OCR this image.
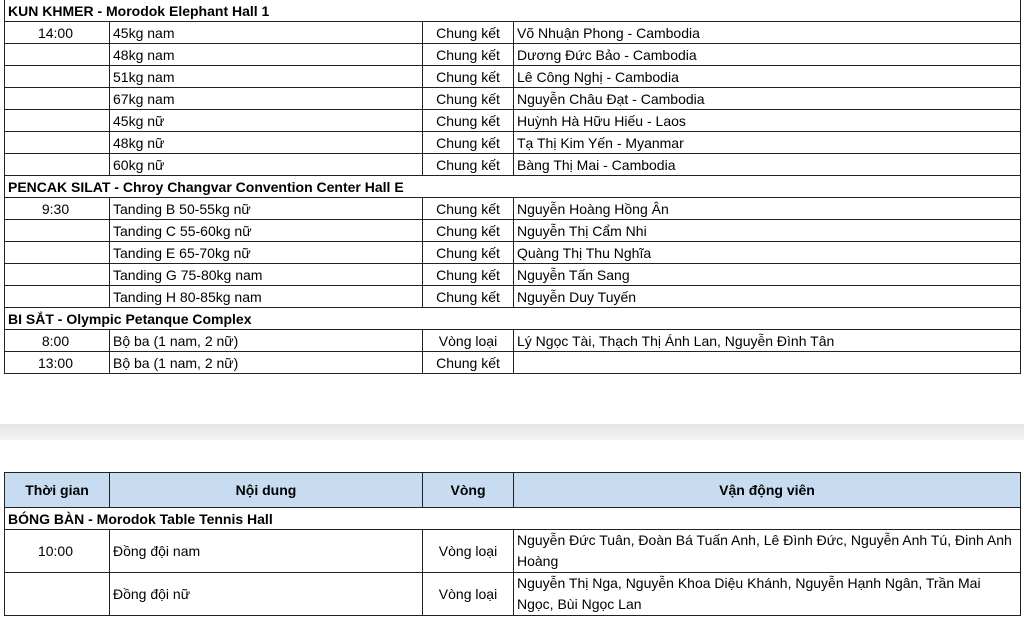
KUN KHMER - Morodok Elephant Hall 1			
14:00	45kg nam	Chung kết	Võ Nhuận Phong - Cambodia
	48kg nam	Chung kết	Dương Đức Bảo - Cambodia
	51kg nam	Chung kết	Lê Công Nghị - Cambodia
	67kg nam	Chung kết	Nguyễn Châu Đạt - Cambodia
	45kg nữ	Chung kết	Huỳnh Hà Hữu Hiếu - Laos
	48kg nữ	Chung kết	Tạ Thị Kim Yến - Myanmar
	60kg nữ	Chung kết	Bàng Thị Mai - Cambodia
PENCAK SILAT - Chroy Changvar Convention Center Hall E			
9:30	Tanding B 50-55kg nữ	Chung kết	Nguyễn Hoàng Hồng Ân
	Tanding C 55-60kg nữ	Chung kết	Nguyễn Thị Cẩm Nhi
	Tanding E 65-70kg nữ	Chung kết	Quàng Thị Thu Nghĩa
	Tanding G 75-80kg nam	Chung kết	Nguyễn Tấn Sang
	Tanding H 80-85kg nam	Chung kết	Nguyễn Duy Tuyến
BI SẮT - Olympic Petanque Complex			
8:00	Bộ ba (1 nam, 2 nữ)	Vòng loại	Lý Ngọc Tài, Thạch Thị Ánh Lan, Nguyễn Đình Tân
13:00	Bộ ba (1 nam, 2 nữ)	Chung kết	
Thời gian	Nội dung	Vòng	Vận động viên
BÓNG BÀN - Morodok Table Tennis Hall			
10:00	Đồng đội nam	Vòng loại	Nguyễn Đức Tuân, Đoàn Bá Tuấn Anh, Lê Đình Đức, Nguyễn Anh Tú, Đinh Anh Hoàng
	Đồng đội nữ	Vòng loại	Nguyễn Thị Nga, Nguyễn Khoa Diệu Khánh, Nguyễn Hạnh Ngân, Trần Mai Ngọc, Bùi Ngọc Lan
